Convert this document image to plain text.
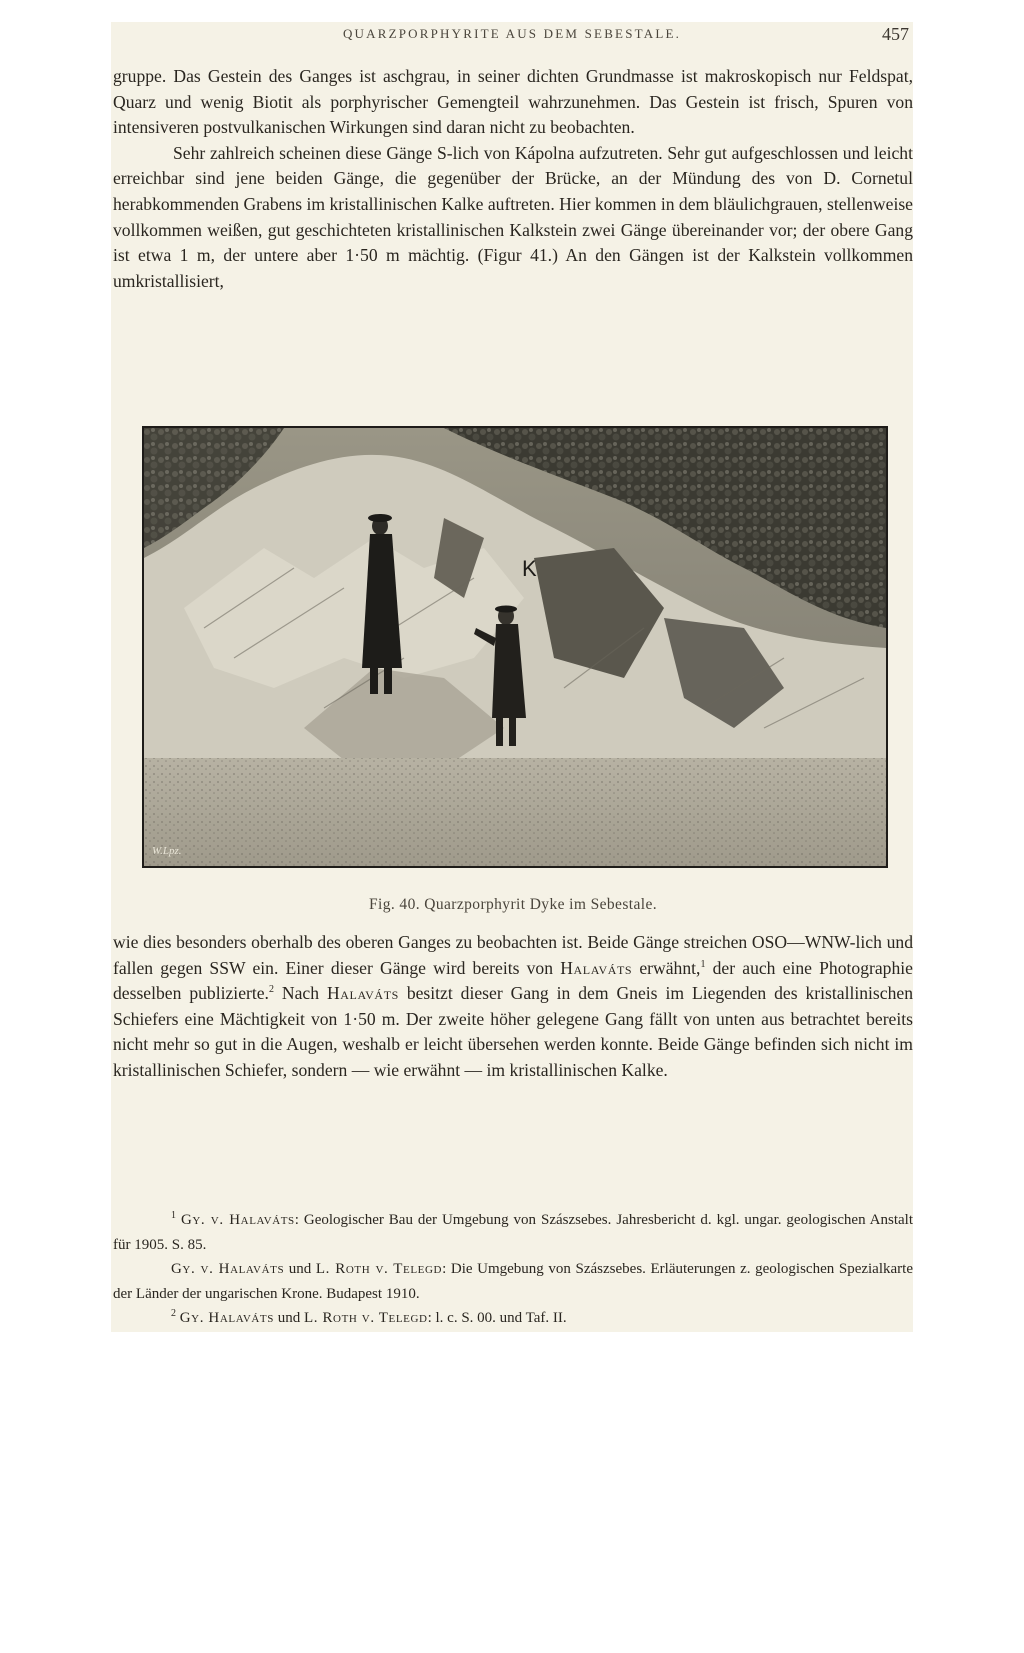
QUARZPORPHYRITE AUS DEM SEBESTALE.	457

gruppe. Das Gestein des Ganges ist aschgrau, in seiner dichten Grundmasse ist makroskopisch nur Feldspat, Quarz und wenig Biotit als porphyrischer Gemengteil wahrzunehmen. Das Gestein ist frisch, Spuren von intensiveren postvulkanischen Wirkungen sind daran nicht zu beobachten.

Sehr zahlreich scheinen diese Gänge S-lich von Kápolna aufzutreten. Sehr gut aufgeschlossen und leicht erreichbar sind jene beiden Gänge, die gegenüber der Brücke, an der Mündung des von D. Cornetul herabkommenden Grabens im kristallinischen Kalke auftreten. Hier kommen in dem bläulichgrauen, stellenweise vollkommen weißen, gut geschichteten kristallinischen Kalkstein zwei Gänge übereinander vor; der obere Gang ist etwa 1 m, der untere aber 1·50 m mächtig. (Figur 41.) An den Gängen ist der Kalkstein vollkommen umkristallisiert,

K
W.Lpz.
Fig. 40. Quarzporphyrit Dyke im Sebestale.

wie dies besonders oberhalb des oberen Ganges zu beobachten ist. Beide Gänge streichen OSO—WNW-lich und fallen gegen SSW ein. Einer dieser Gänge wird bereits von Halaváts erwähnt,$^1$ der auch eine Photographie desselben publizierte.$^2$ Nach Halaváts besitzt dieser Gang in dem Gneis im Liegenden des kristallinischen Schiefers eine Mächtigkeit von 1·50 m. Der zweite höher gelegene Gang fällt von unten aus betrachtet bereits nicht mehr so gut in die Augen, weshalb er leicht übersehen werden konnte. Beide Gänge befinden sich nicht im kristallinischen Schiefer, sondern — wie erwähnt — im kristallinischen Kalke.

$^1$ Gy. v. Halaváts: Geologischer Bau der Umgebung von Szászsebes. Jahresbericht d. kgl. ungar. geologischen Anstalt für 1905. S. 85.

Gy. v. Halaváts und L. Roth v. Telegd: Die Umgebung von Szászsebes. Erläuterungen z. geologischen Spezialkarte der Länder der ungarischen Krone. Budapest 1910.

$^2$ Gy. Halaváts und L. Roth v. Telegd: l. c. S. 00. und Taf. II.
